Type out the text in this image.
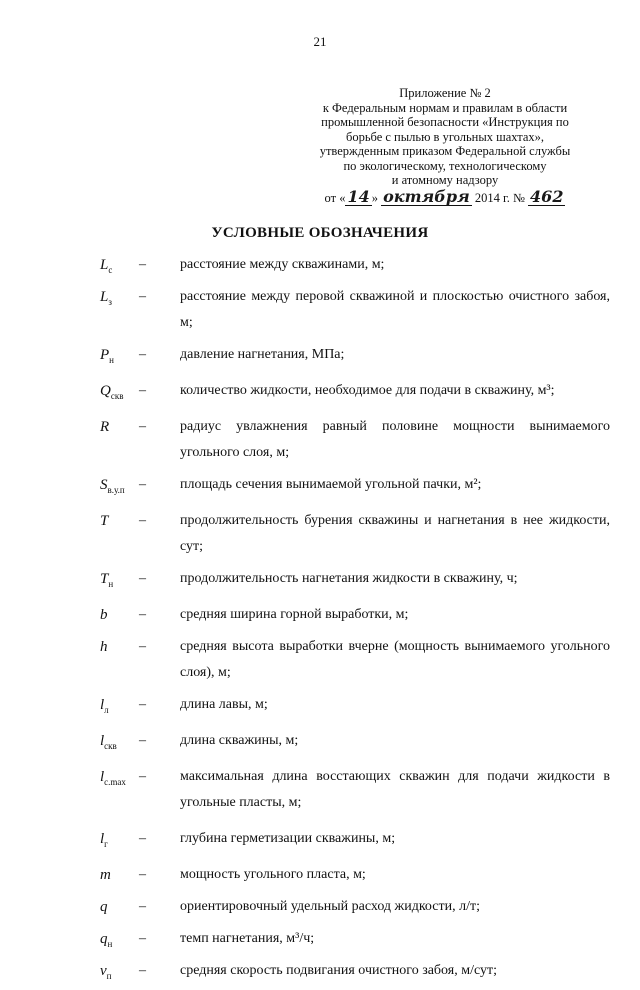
21
Приложение № 2
к Федеральным нормам и правилам в области
промышленной безопасности «Инструкция по
борьбе с пылью в угольных шахтах»,
утвержденным приказом Федеральной службы
по экологическому, технологическому
и атомному надзору
от « 14 » октября 2014 г. № 462
УСЛОВНЫЕ ОБОЗНАЧЕНИЯ
$L_c$ – расстояние между скважинами, м;
$L_з$ – расстояние между перовой скважиной и плоскостью очистного забоя, м;
$P_н$ – давление нагнетания, МПа;
$Q_{скв}$ – количество жидкости, необходимое для подачи в скважину, м³;
R – радиус увлажнения равный половине мощности вынимаемого угольного слоя, м;
$S_{в.у.п}$ – площадь сечения вынимаемой угольной пачки, м²;
T – продолжительность бурения скважины и нагнетания в нее жидкости, сут;
$T_н$ – продолжительность нагнетания жидкости в скважину, ч;
b – средняя ширина горной выработки, м;
h – средняя высота выработки вчерне (мощность вынимаемого угольного слоя), м;
$l_л$ – длина лавы, м;
$l_{скв}$ – длина скважины, м;
$l_{c.max}$ – максимальная длина восстающих скважин для подачи жидкости в угольные пласты, м;
$l_г$ – глубина герметизации скважины, м;
m – мощность угольного пласта, м;
q – ориентировочный удельный расход жидкости, л/т;
$q_н$ – темп нагнетания, м³/ч;
$v_п$ – средняя скорость подвигания очистного забоя, м/сут;
